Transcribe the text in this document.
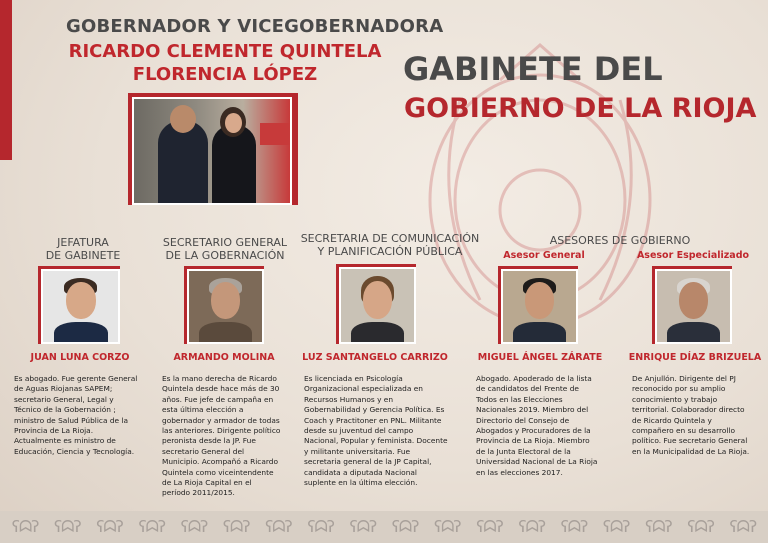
GOBERNADOR Y VICEGOBERNADORA
RICARDO CLEMENTE QUINTELA
FLORENCIA LÓPEZ	GABINETE DEL
GOBIERNO DE LA RIOJA
JEFATURA
DE GABINETE
JUAN LUNA CORZO
Es abogado. Fue gerente General
de Aguas Riojanas SAPEM;
secretario General, Legal y
Técnico de la Gobernación ;
ministro de Salud Pública de la
Provincia de La Rioja.
Actualmente es ministro de
Educación, Ciencia y Tecnología.
SECRETARIO GENERAL
DE LA GOBERNACIÓN
ARMANDO MOLINA
Es la mano derecha de Ricardo
Quintela desde hace más de 30
años. Fue jefe de campaña en
esta última elección a
gobernador y armador de todas
las anteriores. Dirigente político
peronista desde la JP. Fue
secretario General del
Municipio. Acompañó a Ricardo
Quintela como vicеintendente
de La Rioja Capital en el
período 2011/2015.
SECRETARIA DE COMUNICACIÓN
Y PLANIFICACIÓN PÚBLICA
LUZ SANTANGELO CARRIZO
Es licenciada en Psicología
Organizacional especializada en
Recursos Humanos y en
Gobernabilidad y Gerencia Política. Es
Coach y Practitoner en PNL. Militante
desde su juventud del campo
Nacional, Popular y feminista. Docente
y militante universitaria. Fue
secretaria general de la JP Capital,
candidata a diputada Nacional
suplente en la última elección.
ASESORES DE GOBIERNO
Asesor General
MIGUEL ÁNGEL ZÁRATE
Abogado. Apoderado de la lista
de candidatos del Frente de
Todos en las Elecciones
Nacionales 2019. Miembro del
Directorio del Consejo de
Abogados y Procuradores de la
Provincia de La Rioja. Miembro
de la Junta Electoral de la
Universidad Nacional de La Rioja
en las elecciones 2017.
Asesor Especializado
ENRIQUE DÍAZ BRIZUELA
De Anjullón. Dirigente del PJ
reconocido por su amplio
conocimiento y trabajo
territorial. Colaborador directo
de Ricardo Quintela y
compañero en su desarrollo
político. Fue secretario General
en la Municipalidad de La Rioja.
ʕᗣʔ ʕᗣʔ ʕᗣʔ ʕᗣʔ ʕᗣʔ ʕᗣʔ ʕᗣʔ ʕᗣʔ ʕᗣʔ ʕᗣʔ ʕᗣʔ ʕᗣʔ ʕᗣʔ ʕᗣʔ ʕᗣʔ ʕᗣʔ ʕᗣʔ ʕᗣʔ
